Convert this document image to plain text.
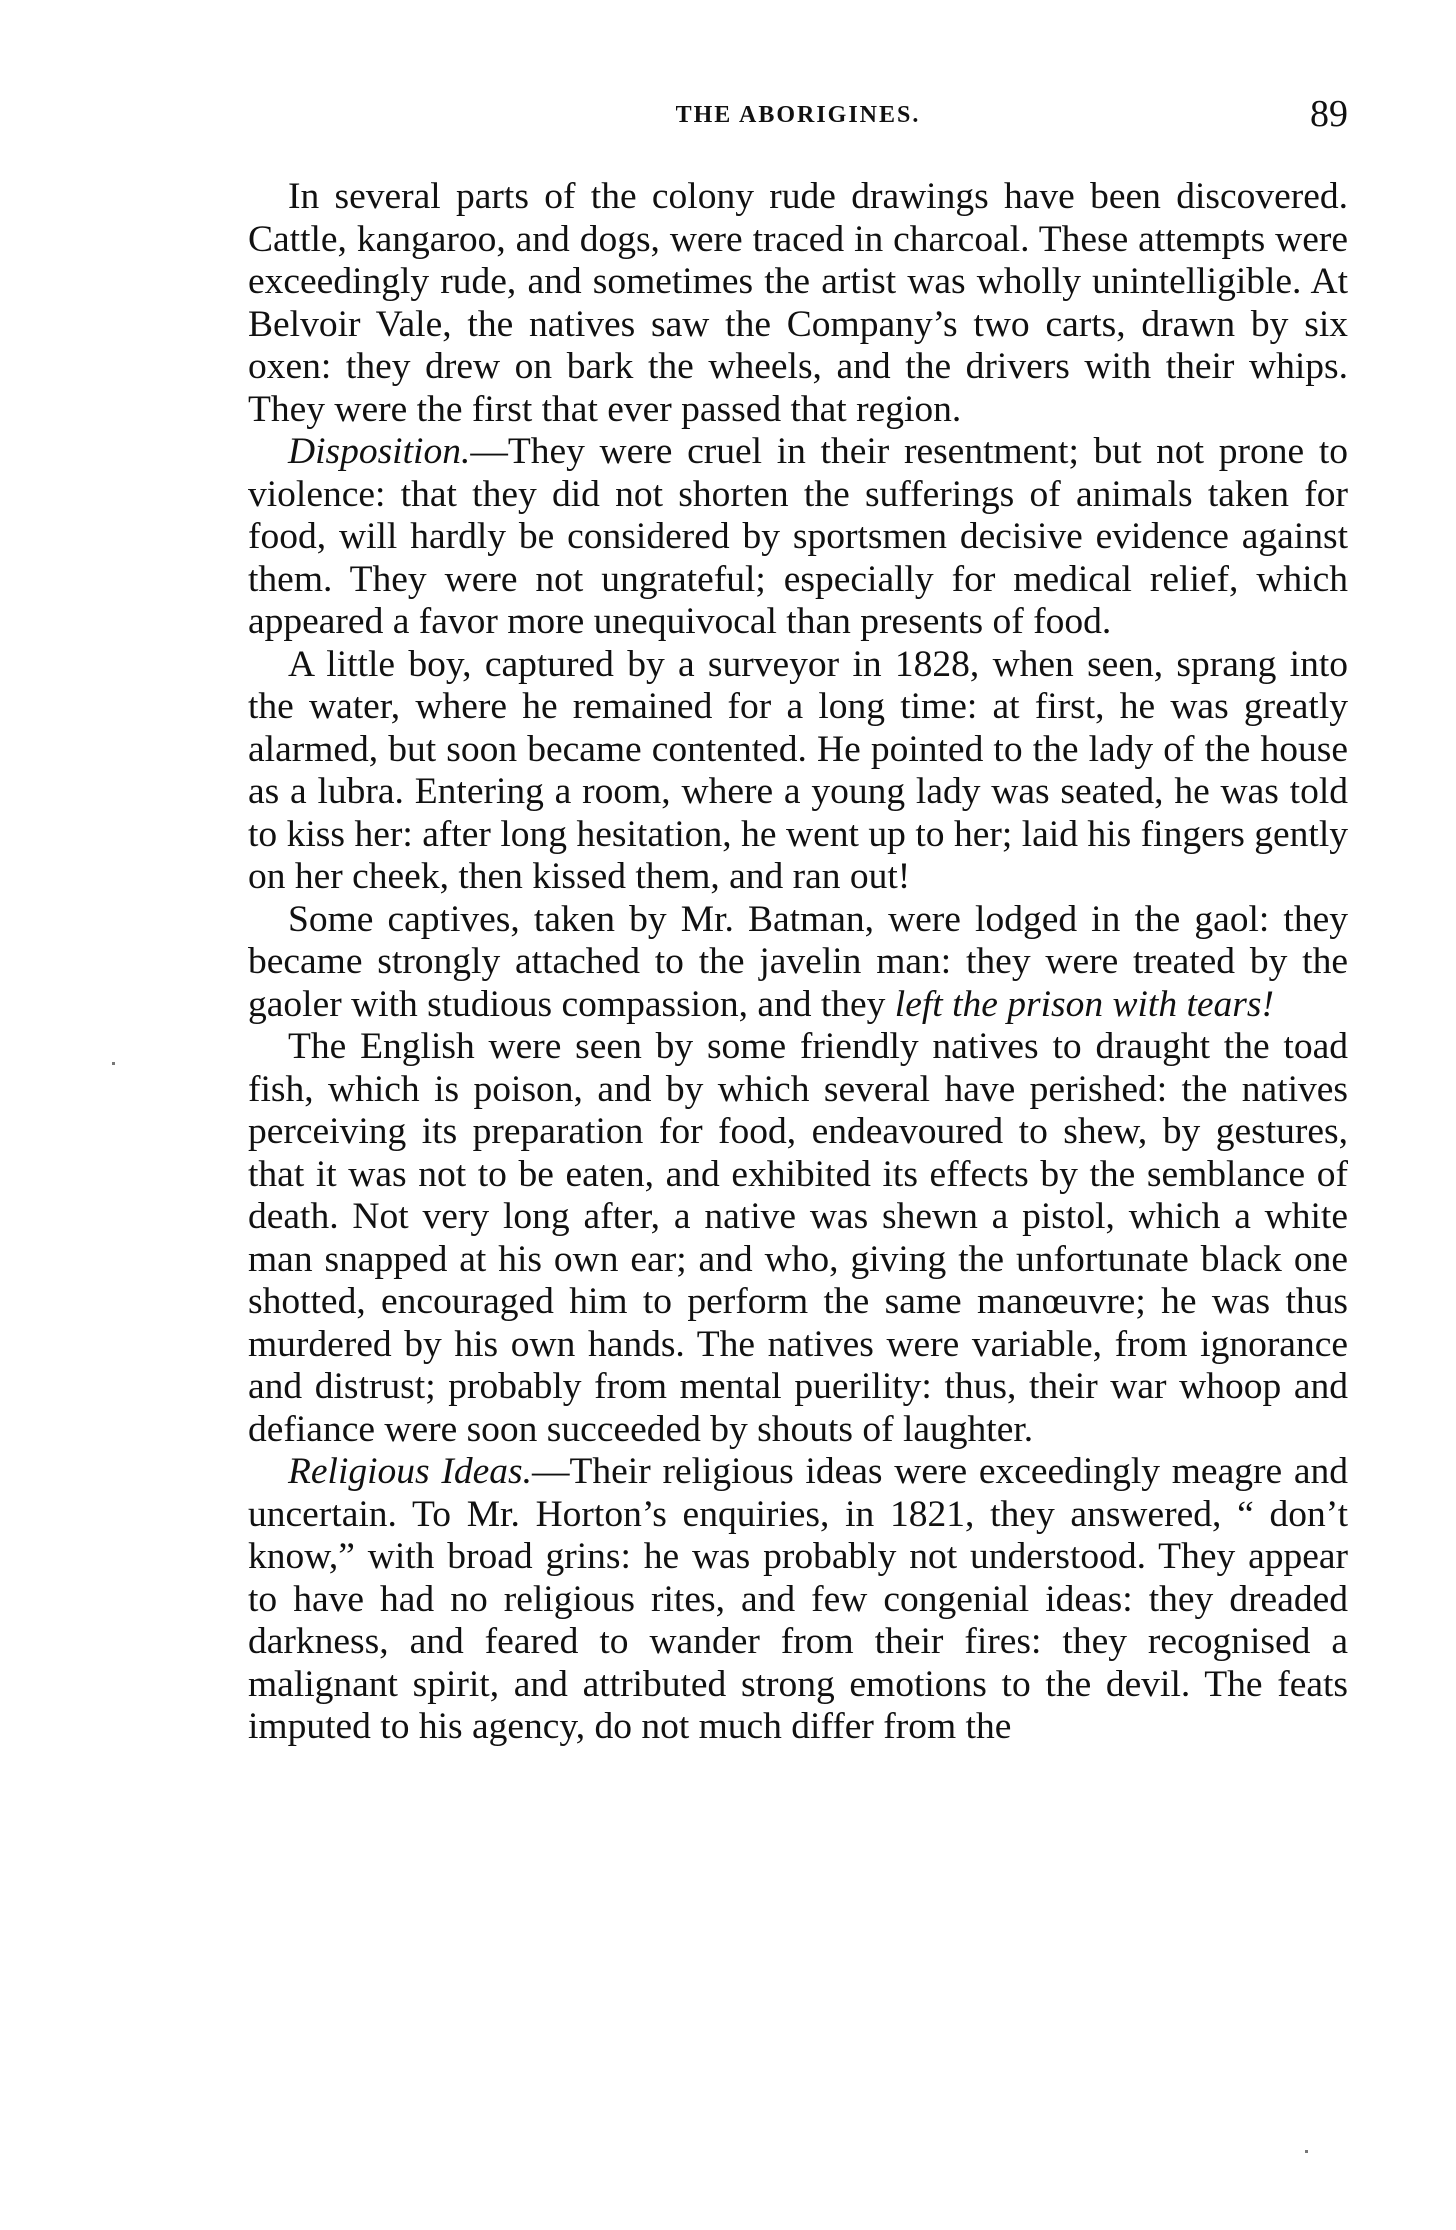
THE ABORIGINES.	89

In several parts of the colony rude drawings have been discovered. Cattle, kangaroo, and dogs, were traced in charcoal. These attempts were exceedingly rude, and sometimes the artist was wholly unintelligible. At Belvoir Vale, the natives saw the Company’s two carts, drawn by six oxen: they drew on bark the wheels, and the drivers with their whips. They were the first that ever passed that region.

Disposition.—They were cruel in their resentment; but not prone to violence: that they did not shorten the sufferings of animals taken for food, will hardly be considered by sportsmen decisive evidence against them. They were not ungrateful; especially for medical relief, which appeared a favor more unequivocal than presents of food.

A little boy, captured by a surveyor in 1828, when seen, sprang into the water, where he remained for a long time: at first, he was greatly alarmed, but soon became contented. He pointed to the lady of the house as a lubra. Entering a room, where a young lady was seated, he was told to kiss her: after long hesitation, he went up to her; laid his fingers gently on her cheek, then kissed them, and ran out!

Some captives, taken by Mr. Batman, were lodged in the gaol: they became strongly attached to the javelin man: they were treated by the gaoler with studious compassion, and they left the prison with tears!

The English were seen by some friendly natives to draught the toad fish, which is poison, and by which several have perished: the natives perceiving its preparation for food, endeavoured to shew, by gestures, that it was not to be eaten, and exhibited its effects by the semblance of death. Not very long after, a native was shewn a pistol, which a white man snapped at his own ear; and who, giving the unfortunate black one shotted, encouraged him to perform the same manœuvre; he was thus murdered by his own hands. The natives were variable, from ignorance and distrust; probably from mental puerility: thus, their war whoop and defiance were soon succeeded by shouts of laughter.

Religious Ideas.—Their religious ideas were exceedingly meagre and uncertain. To Mr. Horton’s enquiries, in 1821, they answered, “ don’t know,” with broad grins: he was probably not understood. They appear to have had no religious rites, and few congenial ideas: they dreaded darkness, and feared to wander from their fires: they recognised a malignant spirit, and attributed strong emotions to the devil. The feats imputed to his agency, do not much differ from the
